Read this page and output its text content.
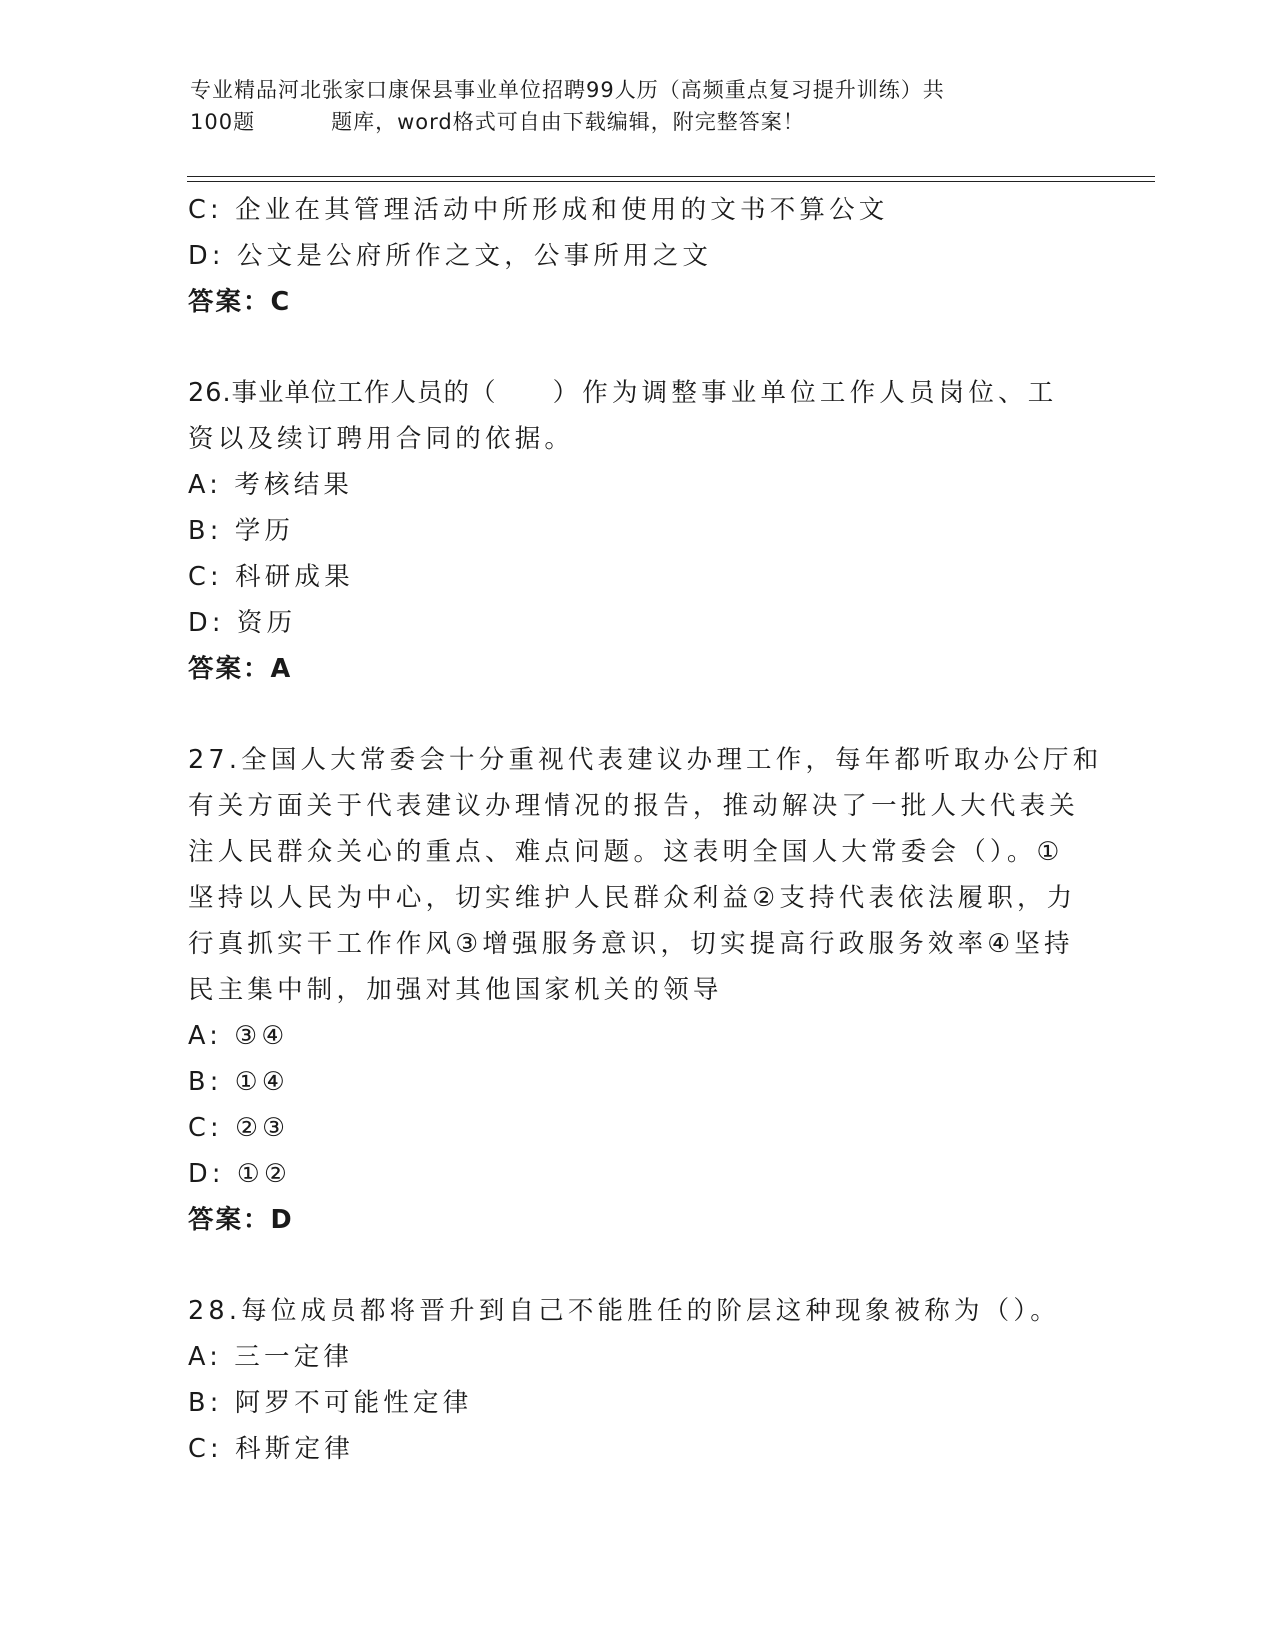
专业精品河北张家口康保县事业单位招聘99人历（高频重点复习提升训练）共
100题	题库，word格式可自由下载编辑，附完整答案！
C: 企业在其管理活动中所形成和使用的文书不算公文
D: 公文是公府所作之文，公事所用之文
答案：C
26.事业单位工作人员的（ ）作为调整事业单位工作人员岗位、工
资以及续订聘用合同的依据。
A: 考核结果
B: 学历
C: 科研成果
D: 资历
答案：A
27.全国人大常委会十分重视代表建议办理工作，每年都听取办公厅和
有关方面关于代表建议办理情况的报告，推动解决了一批人大代表关
注人民群众关心的重点、难点问题。这表明全国人大常委会（）。①
坚持以人民为中心，切实维护人民群众利益②支持代表依法履职，力
行真抓实干工作作风③增强服务意识，切实提高行政服务效率④坚持
民主集中制，加强对其他国家机关的领导
A: ③④
B: ①④
C: ②③
D: ①②
答案：D
28.每位成员都将晋升到自己不能胜任的阶层这种现象被称为（）。
A: 三一定律
B: 阿罗不可能性定律
C: 科斯定律
